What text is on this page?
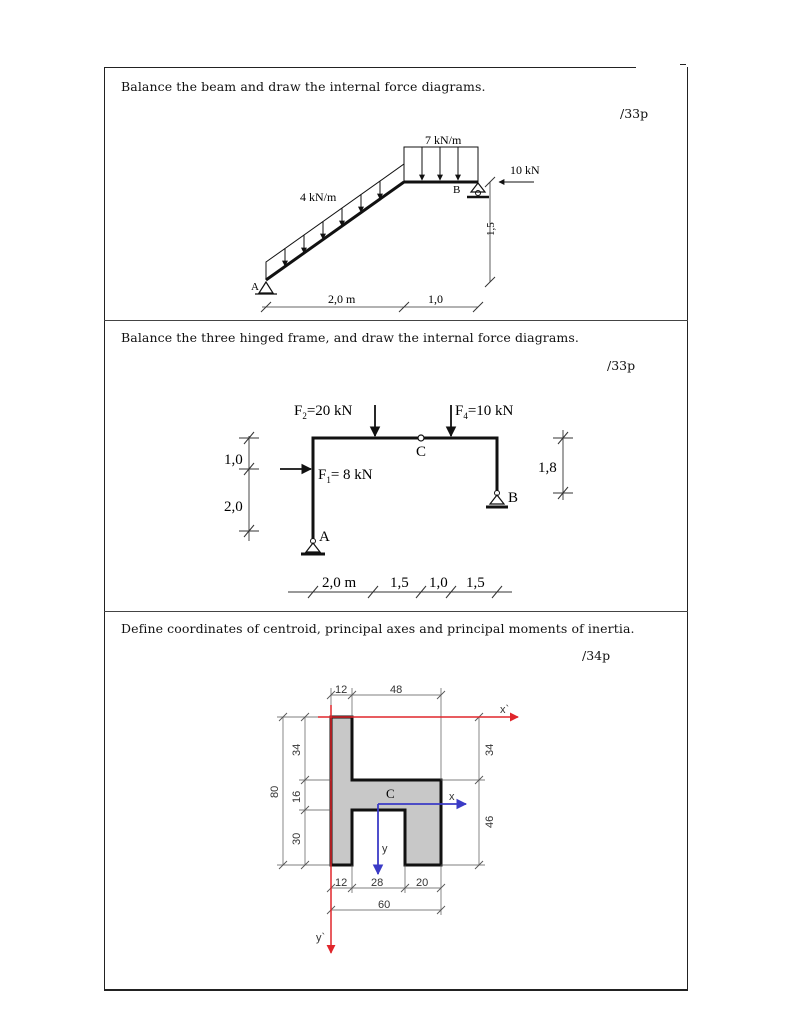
Balance the beam and draw the internal force diagrams.
/33p
Balance the three hinged frame, and draw the internal force diagrams.
/33p
Define coordinates of centroid, principal axes and principal moments of inertia.
/34p
7 kN/m
4 kN/m
10 kN
A
B
1,5
2,0 m	1,0
$F_2=20$ kN	$F_4=10$ kN
$F_1= 8$ kN
C
A
B
1,0
2,0
1,8
2,0 m 1,5 1,0 1,5
12	48
80
34
16
30
34
46
12 28	20
60
x`
y`
C	x
y
